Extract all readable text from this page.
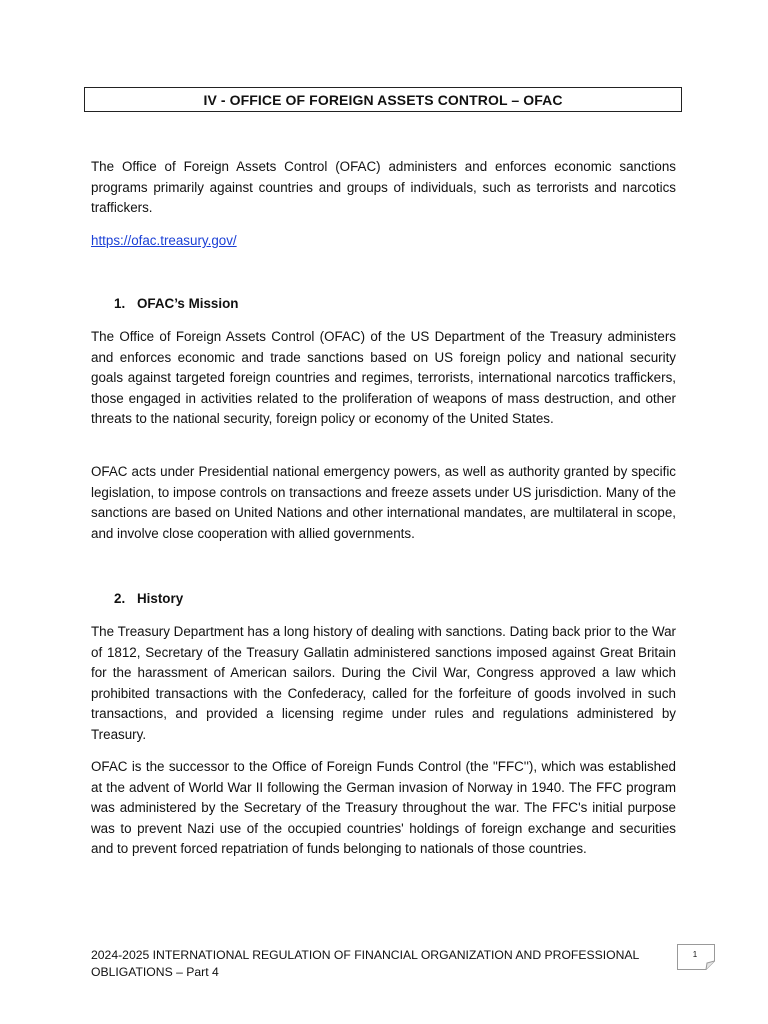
IV - OFFICE OF FOREIGN ASSETS CONTROL – OFAC

The Office of Foreign Assets Control (OFAC) administers and enforces economic sanctions programs primarily against countries and groups of individuals, such as terrorists and narcotics traffickers.

https://ofac.treasury.gov/
1. OFAC’s Mission

The Office of Foreign Assets Control (OFAC) of the US Department of the Treasury administers and enforces economic and trade sanctions based on US foreign policy and national security goals against targeted foreign countries and regimes, terrorists, international narcotics traffickers, those engaged in activities related to the proliferation of weapons of mass destruction, and other threats to the national security, foreign policy or economy of the United States.

OFAC acts under Presidential national emergency powers, as well as authority granted by specific legislation, to impose controls on transactions and freeze assets under US jurisdiction. Many of the sanctions are based on United Nations and other international mandates, are multilateral in scope, and involve close cooperation with allied governments.

2. History

The Treasury Department has a long history of dealing with sanctions. Dating back prior to the War of 1812, Secretary of the Treasury Gallatin administered sanctions imposed against Great Britain for the harassment of American sailors. During the Civil War, Congress approved a law which prohibited transactions with the Confederacy, called for the forfeiture of goods involved in such transactions, and provided a licensing regime under rules and regulations administered by Treasury.

OFAC is the successor to the Office of Foreign Funds Control (the "FFC''), which was established at the advent of World War II following the German invasion of Norway in 1940. The FFC program was administered by the Secretary of the Treasury throughout the war. The FFC's initial purpose was to prevent Nazi use of the occupied countries' holdings of foreign exchange and securities and to prevent forced repatriation of funds belonging to nationals of those countries.

2024-2025 INTERNATIONAL REGULATION OF FINANCIAL ORGANIZATION AND PROFESSIONAL
OBLIGATIONS – Part 4
1
